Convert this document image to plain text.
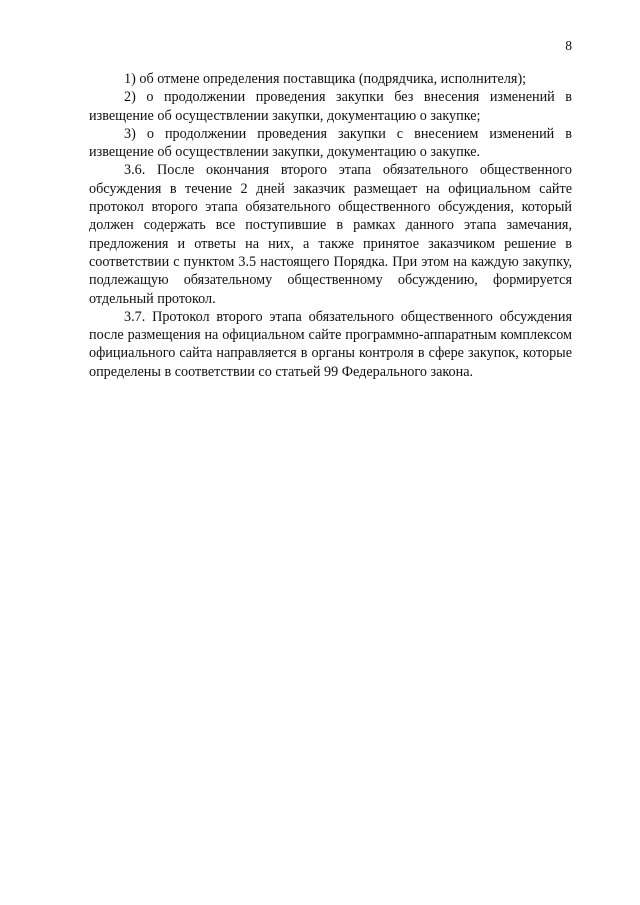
8

1) об отмене определения поставщика (подрядчика, исполнителя);

2) о продолжении проведения закупки без внесения изменений в извещение об осуществлении закупки, документацию о закупке;

3) о продолжении проведения закупки с внесением изменений в извещение об осуществлении закупки, документацию о закупке.

3.6. После окончания второго этапа обязательного общественного обсуждения в течение 2 дней заказчик размещает на официальном сайте протокол второго этапа обязательного общественного обсуждения, который должен содержать все поступившие в рамках данного этапа замечания, предложения и ответы на них, а также принятое заказчиком решение в соответствии с пунктом 3.5 настоящего Порядка. При этом на каждую закупку, подлежащую обязательному общественному обсуждению, формируется отдельный протокол.

3.7. Протокол второго этапа обязательного общественного обсуждения после размещения на официальном сайте программно-аппаратным комплексом официального сайта направляется в органы контроля в сфере закупок, которые определены в соответствии со статьей 99 Федерального закона.
